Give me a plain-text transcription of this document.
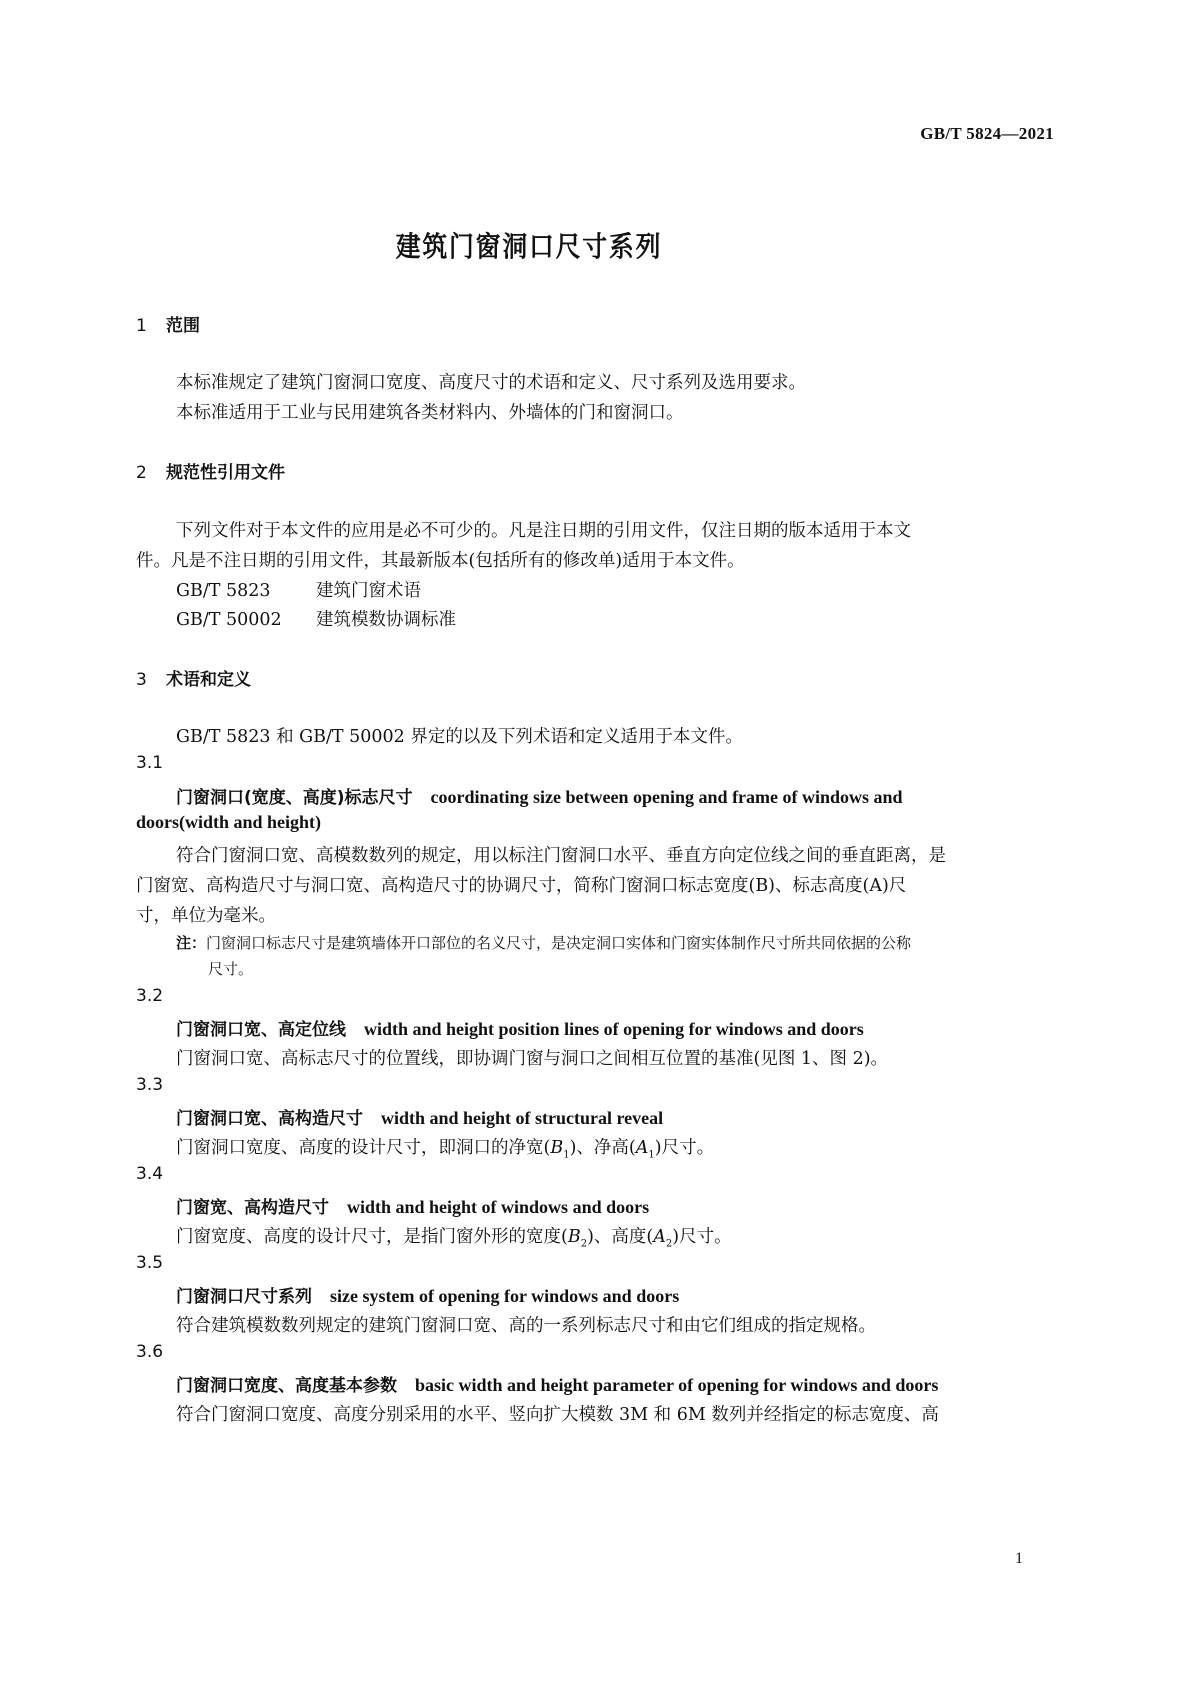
GB/T 5824—2021
建筑门窗洞口尺寸系列
1 范围
本标准规定了建筑门窗洞口宽度、高度尺寸的术语和定义、尺寸系列及选用要求。
本标准适用于工业与民用建筑各类材料内、外墙体的门和窗洞口。
2 规范性引用文件
下列文件对于本文件的应用是必不可少的。凡是注日期的引用文件，仅注日期的版本适用于本文
件。凡是不注日期的引用文件，其最新版本(包括所有的修改单)适用于本文件。
GB/T 5823	建筑门窗术语
GB/T 50002 建筑模数协调标准
3 术语和定义
GB/T 5823 和 GB/T 50002 界定的以及下列术语和定义适用于本文件。
3.1
门窗洞口(宽度、高度)标志尺寸 coordinating size between opening and frame of windows and
doors(width and height)
符合门窗洞口宽、高模数数列的规定，用以标注门窗洞口水平、垂直方向定位线之间的垂直距离，是
门窗宽、高构造尺寸与洞口宽、高构造尺寸的协调尺寸，简称门窗洞口标志宽度(B)、标志高度(A)尺
寸，单位为毫米。
注：门窗洞口标志尺寸是建筑墙体开口部位的名义尺寸，是决定洞口实体和门窗实体制作尺寸所共同依据的公称
尺寸。
3.2
门窗洞口宽、高定位线 width and height position lines of opening for windows and doors
门窗洞口宽、高标志尺寸的位置线，即协调门窗与洞口之间相互位置的基准(见图 1、图 2)。
3.3
门窗洞口宽、高构造尺寸 width and height of structural reveal
门窗洞口宽度、高度的设计尺寸，即洞口的净宽$(B_1)$、净高$(A_1)$尺寸。
3.4
门窗宽、高构造尺寸 width and height of windows and doors
门窗宽度、高度的设计尺寸，是指门窗外形的宽度$(B_2)$、高度$(A_2)$尺寸。
3.5
门窗洞口尺寸系列 size system of opening for windows and doors
符合建筑模数数列规定的建筑门窗洞口宽、高的一系列标志尺寸和由它们组成的指定规格。
3.6
门窗洞口宽度、高度基本参数 basic width and height parameter of opening for windows and doors
符合门窗洞口宽度、高度分别采用的水平、竖向扩大模数 3M 和 6M 数列并经指定的标志宽度、高
1
